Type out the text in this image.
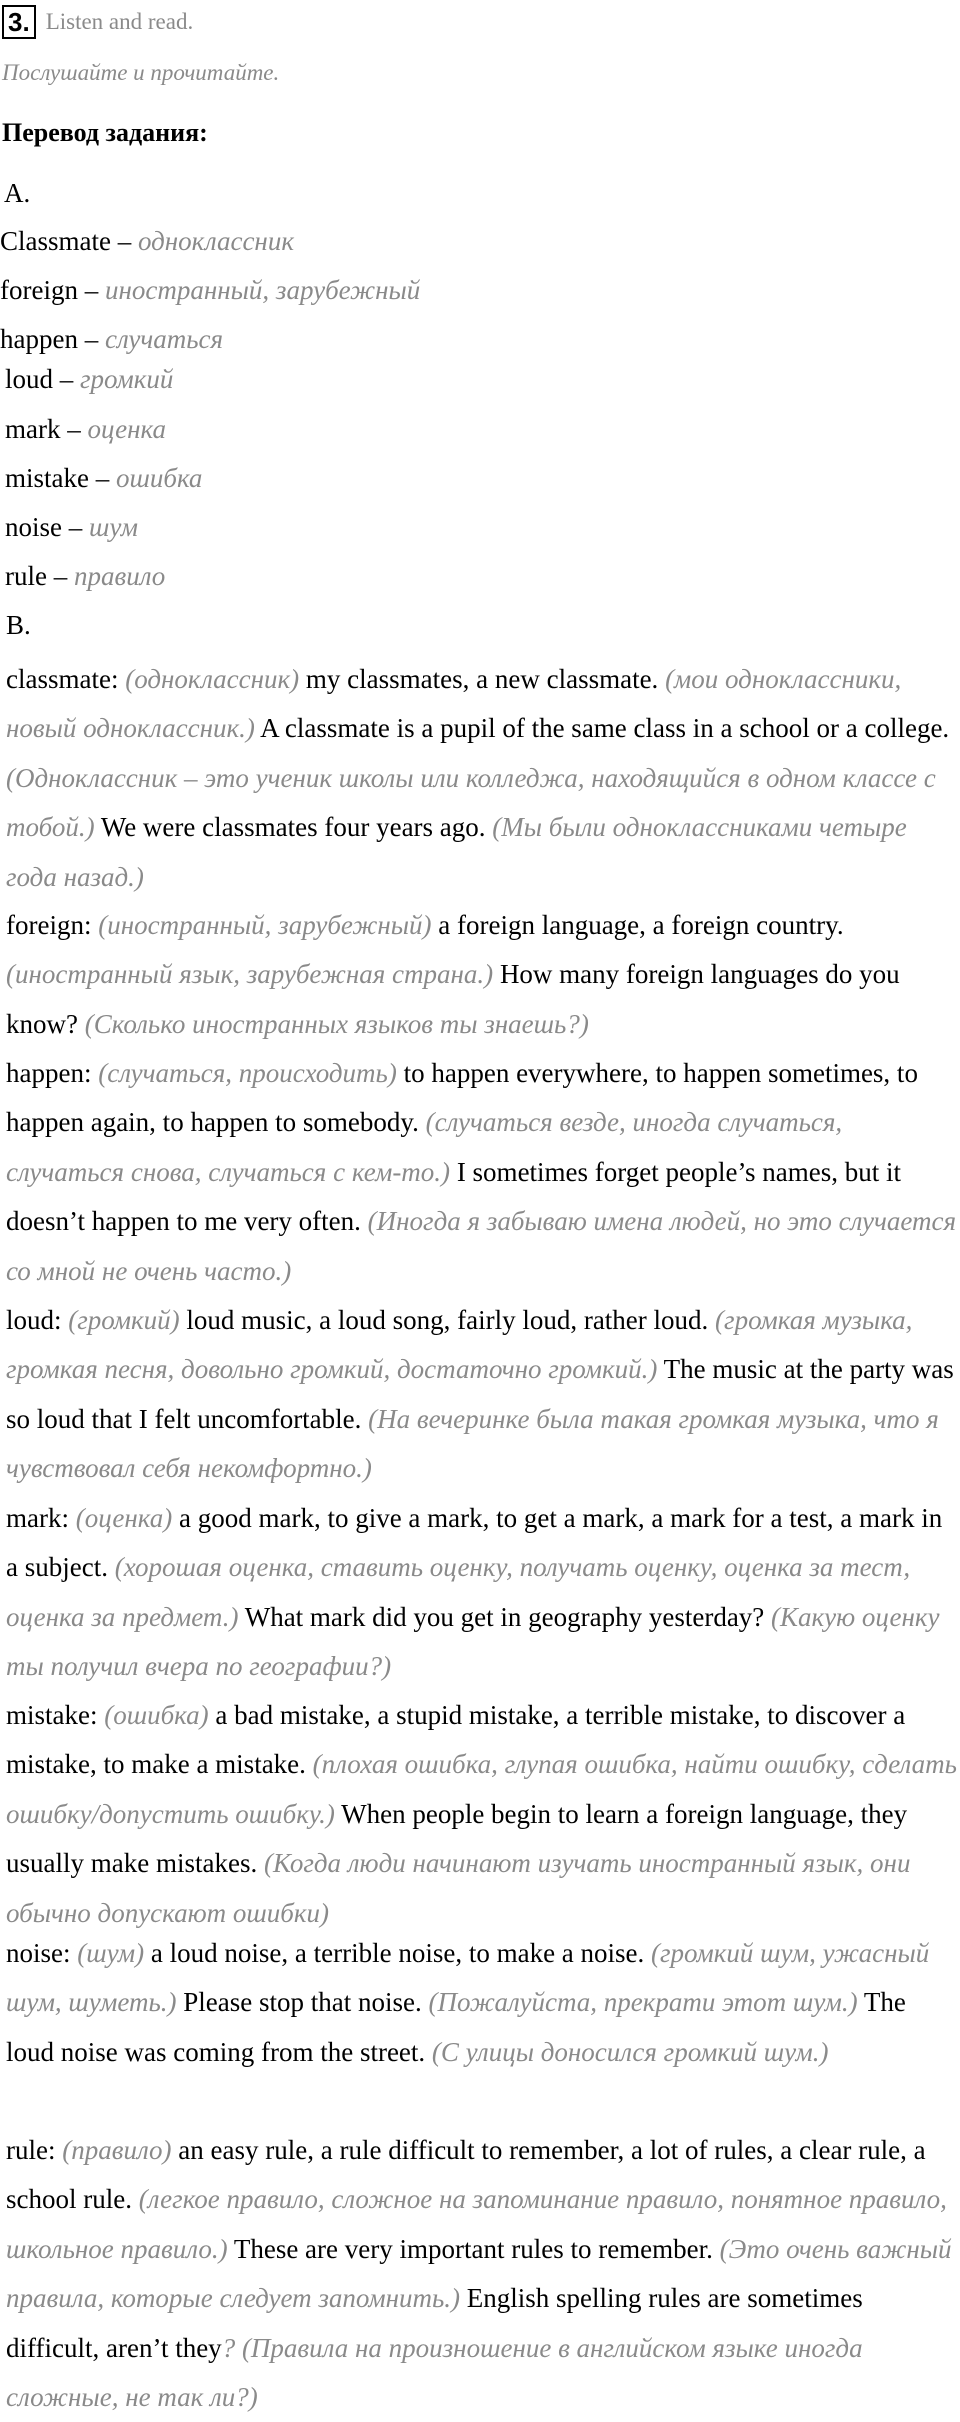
3. Listen and read.
Послушайте и прочитайте.
Перевод задания:
A.
Classmate – одноклассник
foreign – иностранный, зарубежный
happen – случаться
loud – громкий
mark – оценка
mistake – ошибка
noise – шум
rule – правило
B.
classmate: (одноклассник) my classmates, a new classmate. (мои одноклассники, новый одноклассник.) A classmate is a pupil of the same class in a school or a college. (Одноклассник – это ученик школы или колледжа, находящийся в одном классе с тобой.) We were classmates four years ago. (Мы были одноклассниками четыре года назад.)
foreign: (иностранный, зарубежный) a foreign language, a foreign country. (иностранный язык, зарубежная страна.) How many foreign languages do you know? (Сколько иностранных языков ты знаешь?)
happen: (случаться, происходить) to happen everywhere, to happen sometimes, to happen again, to happen to somebody. (случаться везде, иногда случаться, случаться снова, случаться с кем-то.) I sometimes forget people’s names, but it doesn’t happen to me very often. (Иногда я забываю имена людей, но это случается со мной не очень часто.)
loud: (громкий) loud music, a loud song, fairly loud, rather loud. (громкая музыка, громкая песня, довольно громкий, достаточно громкий.) The music at the party was so loud that I felt uncomfortable. (На вечеринке была такая громкая музыка, что я чувствовал себя некомфортно.)
mark: (оценка) a good mark, to give a mark, to get a mark, a mark for a test, a mark in a subject. (хорошая оценка, ставить оценку, получать оценку, оценка за тест, оценка за предмет.) What mark did you get in geography yesterday? (Какую оценку ты получил вчера по географии?)
mistake: (ошибка) a bad mistake, a stupid mistake, a terrible mistake, to discover a mistake, to make a mistake. (плохая ошибка, глупая ошибка, найти ошибку, сделать ошибку/допустить ошибку.) When people begin to learn a foreign language, they usually make mistakes. (Когда люди начинают изучать иностранный язык, они обычно допускают ошибки)
noise: (шум) a loud noise, a terrible noise, to make a noise. (громкий шум, ужасный шум, шуметь.) Please stop that noise. (Пожалуйста, прекрати этот шум.) The loud noise was coming from the street. (С улицы доносился громкий шум.)
rule: (правило) an easy rule, a rule difficult to remember, a lot of rules, a clear rule, a school rule. (легкое правило, сложное на запоминание правило, понятное правило, школьное правило.) These are very important rules to remember. (Это очень важный правила, которые следует запомнить.) English spelling rules are sometimes difficult, aren’t they? (Правила на произношение в английском языке иногда сложные, не так ли?)
